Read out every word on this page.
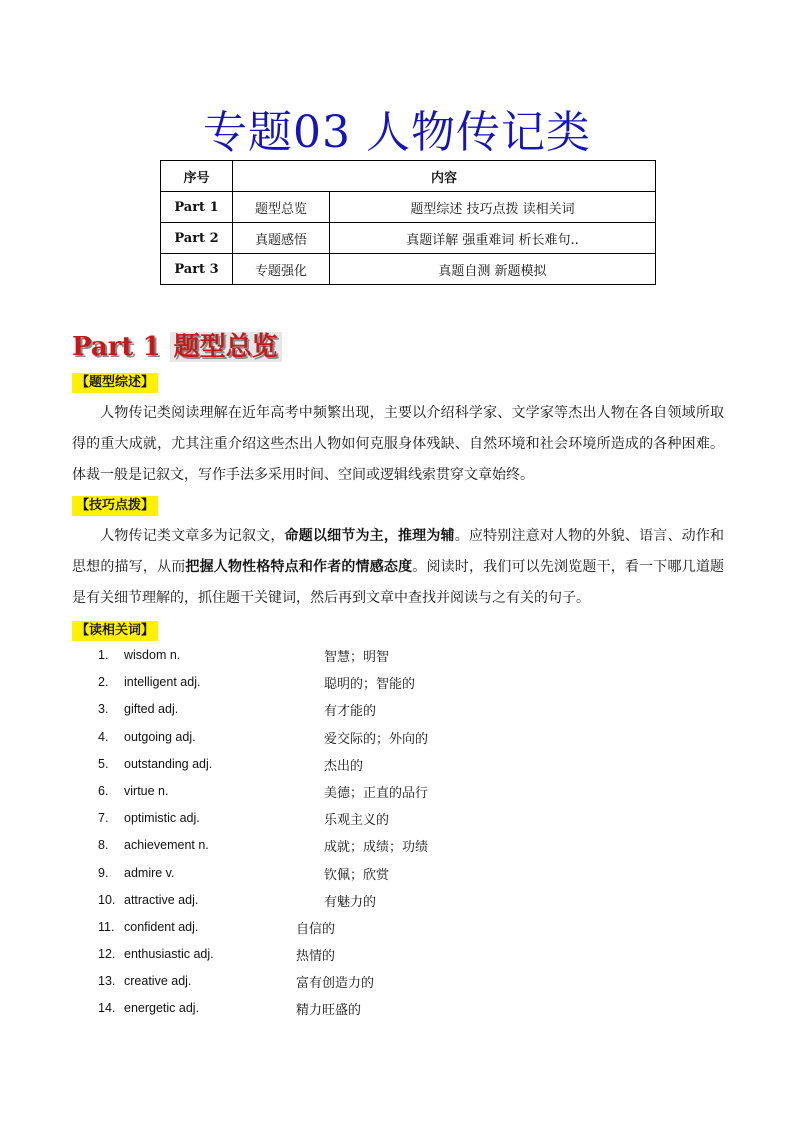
专题03 人物传记类
序号	内容	
Part 1	题型总览	题型综述 技巧点拨 读相关词
Part 2	真题感悟	真题详解 强重难词 析长难句..
Part 3	专题强化	真题自测 新题模拟
Part 1 题型总览
【题型综述】
人物传记类阅读理解在近年高考中频繁出现，主要以介绍科学家、文学家等杰出人物在各自领域所取得的重大成就，尤其注重介绍这些杰出人物如何克服身体残缺、自然环境和社会环境所造成的各种困难。体裁一般是记叙文，写作手法多采用时间、空间或逻辑线索贯穿文章始终。
【技巧点拨】
人物传记类文章多为记叙文，命题以细节为主，推理为辅。应特别注意对人物的外貌、语言、动作和思想的描写，从而把握人物性格特点和作者的情感态度。阅读时，我们可以先浏览题干，看一下哪几道题是有关细节理解的，抓住题干关键词，然后再到文章中查找并阅读与之有关的句子。
【读相关词】
1.	wisdom n.	智慧；明智
2.	intelligent adj.	聪明的；智能的
3.	gifted adj.	有才能的
4.	outgoing adj.	爱交际的；外向的
5.	outstanding adj.	杰出的
6.	virtue n.	美德；正直的品行
7.	optimistic adj.	乐观主义的
8.	achievement n.	成就；成绩；功绩
9.	admire v.	钦佩；欣赏
10. attractive adj.	有魅力的
11. confident adj.	自信的
12. enthusiastic adj.	热情的
13. creative adj.	富有创造力的
14. energetic adj.	精力旺盛的
